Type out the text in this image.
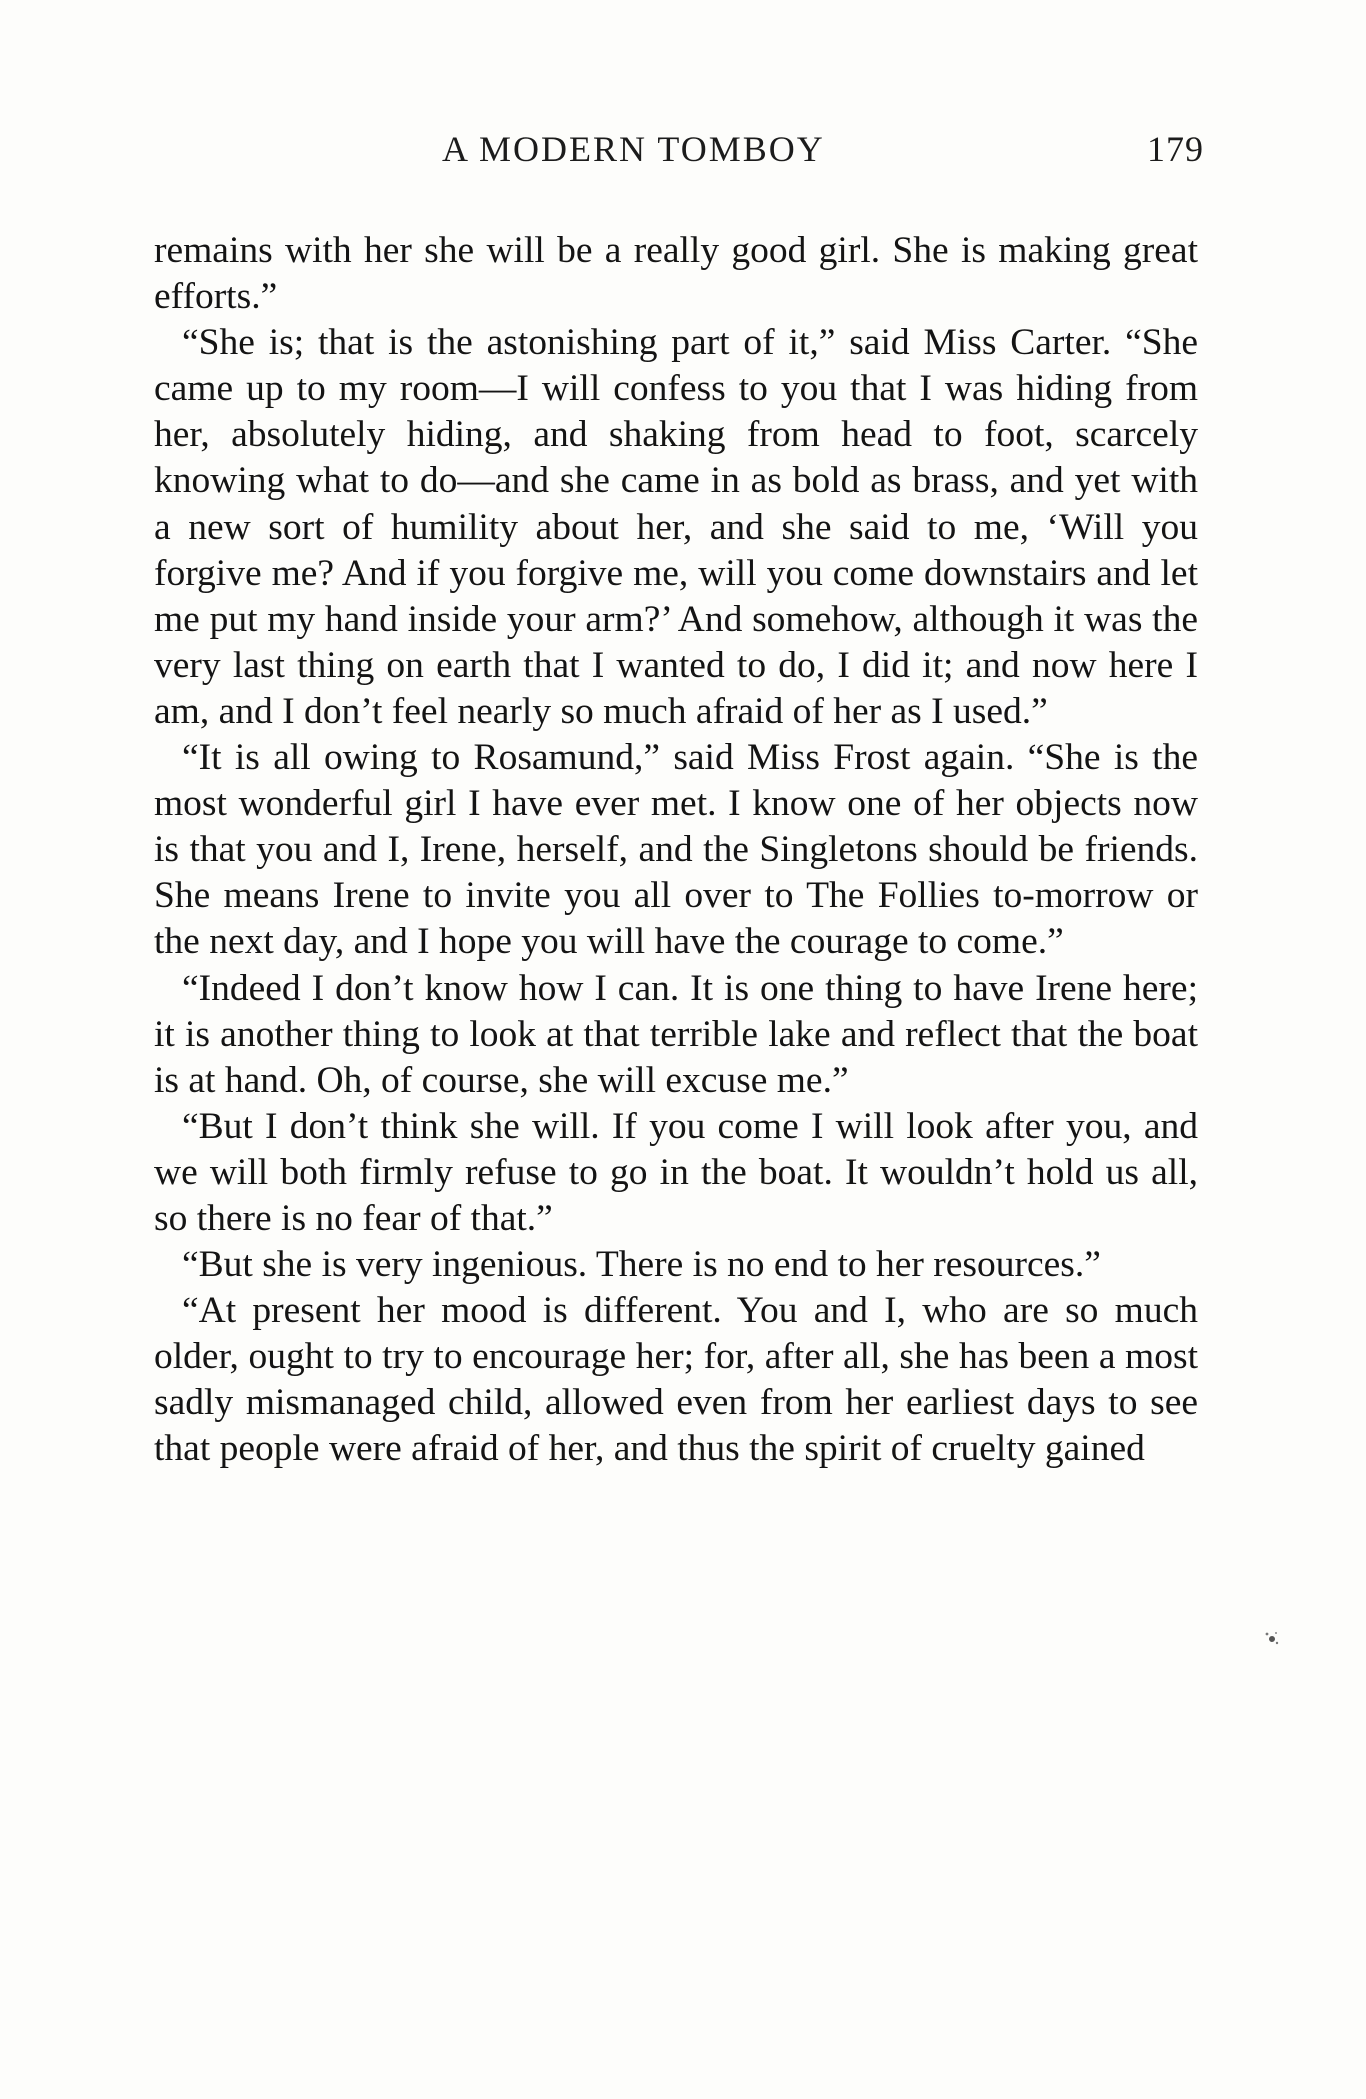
A MODERN TOMBOY	179

remains with her she will be a really good girl. She is making great efforts.”

“She is; that is the astonishing part of it,” said Miss Carter. “She came up to my room—I will confess to you that I was hiding from her, absolutely hiding, and shaking from head to foot, scarcely knowing what to do—and she came in as bold as brass, and yet with a new sort of humility about her, and she said to me, ‘Will you forgive me? And if you forgive me, will you come downstairs and let me put my hand inside your arm?’ And somehow, although it was the very last thing on earth that I wanted to do, I did it; and now here I am, and I don’t feel nearly so much afraid of her as I used.”

“It is all owing to Rosamund,” said Miss Frost again. “She is the most wonderful girl I have ever met. I know one of her objects now is that you and I, Irene, herself, and the Singletons should be friends. She means Irene to invite you all over to The Follies to-morrow or the next day, and I hope you will have the courage to come.”

“Indeed I don’t know how I can. It is one thing to have Irene here; it is another thing to look at that terrible lake and reflect that the boat is at hand. Oh, of course, she will excuse me.”

“But I don’t think she will. If you come I will look after you, and we will both firmly refuse to go in the boat. It wouldn’t hold us all, so there is no fear of that.”

“But she is very ingenious. There is no end to her resources.”

“At present her mood is different. You and I, who are so much older, ought to try to encourage her; for, after all, she has been a most sadly mismanaged child, allowed even from her earliest days to see that people were afraid of her, and thus the spirit of cruelty gained
